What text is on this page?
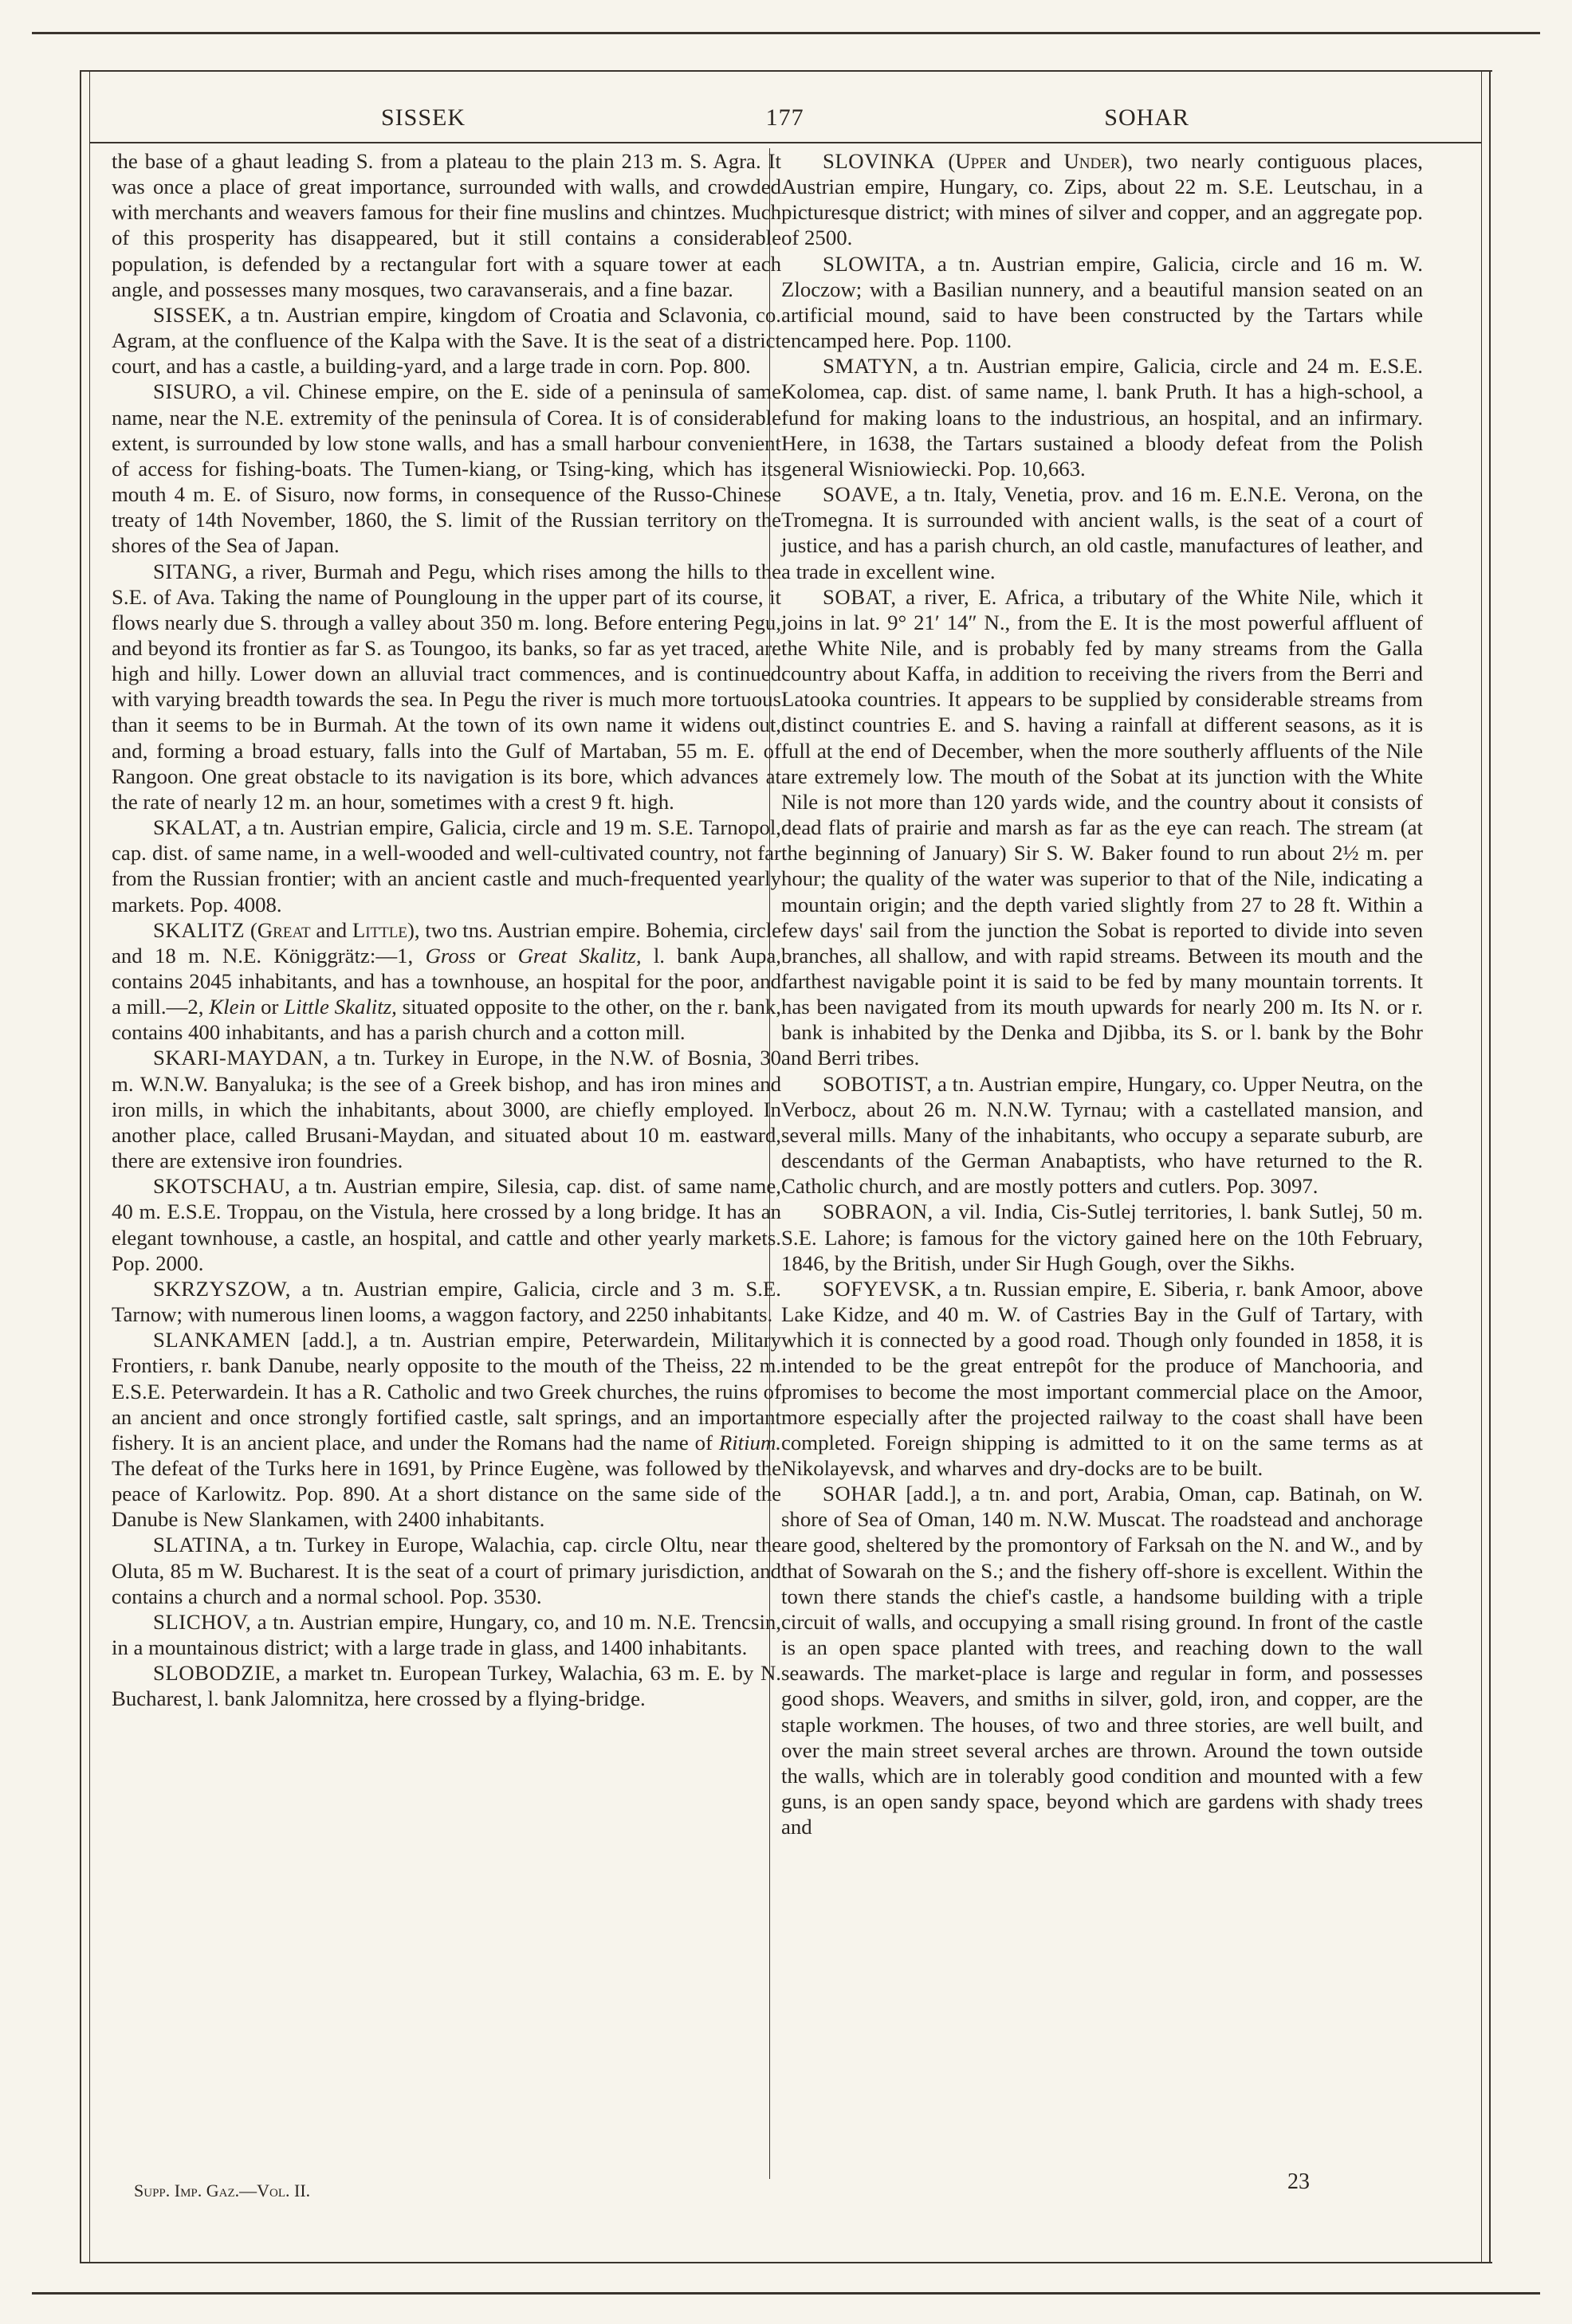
SISSEK	177	SOHAR

the base of a ghaut leading S. from a plateau to the plain 213 m. S. Agra. It was once a place of great importance, surrounded with walls, and crowded with merchants and weavers famous for their fine muslins and chintzes. Much of this prosperity has disappeared, but it still contains a considerable population, is defended by a rectangular fort with a square tower at each angle, and possesses many mosques, two caravanserais, and a fine bazar.

SISSEK, a tn. Austrian empire, kingdom of Croatia and Sclavonia, co. Agram, at the confluence of the Kalpa with the Save. It is the seat of a district court, and has a castle, a building-yard, and a large trade in corn. Pop. 800.

SISURO, a vil. Chinese empire, on the E. side of a peninsula of same name, near the N.E. extremity of the peninsula of Corea. It is of considerable extent, is surrounded by low stone walls, and has a small harbour convenient of access for fishing-boats. The Tumen-kiang, or Tsing-king, which has its mouth 4 m. E. of Sisuro, now forms, in consequence of the Russo-Chinese treaty of 14th November, 1860, the S. limit of the Russian territory on the shores of the Sea of Japan.

SITANG, a river, Burmah and Pegu, which rises among the hills to the S.E. of Ava. Taking the name of Poungloung in the upper part of its course, it flows nearly due S. through a valley about 350 m. long. Before entering Pegu, and beyond its frontier as far S. as Toungoo, its banks, so far as yet traced, are high and hilly. Lower down an alluvial tract commences, and is continued with varying breadth towards the sea. In Pegu the river is much more tortuous than it seems to be in Burmah. At the town of its own name it widens out, and, forming a broad estuary, falls into the Gulf of Martaban, 55 m. E. of Rangoon. One great obstacle to its navigation is its bore, which advances at the rate of nearly 12 m. an hour, sometimes with a crest 9 ft. high.

SKALAT, a tn. Austrian empire, Galicia, circle and 19 m. S.E. Tarnopol, cap. dist. of same name, in a well-wooded and well-cultivated country, not far from the Russian frontier; with an ancient castle and much-frequented yearly markets. Pop. 4008.

SKALITZ (Great and Little), two tns. Austrian empire. Bohemia, circle and 18 m. N.E. Königgrätz:—1, Gross or Great Skalitz, l. bank Aupa, contains 2045 inhabitants, and has a townhouse, an hospital for the poor, and a mill.—2, Klein or Little Skalitz, situated opposite to the other, on the r. bank, contains 400 inhabitants, and has a parish church and a cotton mill.

SKARI-MAYDAN, a tn. Turkey in Europe, in the N.W. of Bosnia, 30 m. W.N.W. Banyaluka; is the see of a Greek bishop, and has iron mines and iron mills, in which the inhabitants, about 3000, are chiefly employed. In another place, called Brusani-Maydan, and situated about 10 m. eastward, there are extensive iron foundries.

SKOTSCHAU, a tn. Austrian empire, Silesia, cap. dist. of same name, 40 m. E.S.E. Troppau, on the Vistula, here crossed by a long bridge. It has an elegant townhouse, a castle, an hospital, and cattle and other yearly markets. Pop. 2000.

SKRZYSZOW, a tn. Austrian empire, Galicia, circle and 3 m. S.E. Tarnow; with numerous linen looms, a waggon factory, and 2250 inhabitants.

SLANKAMEN [add.], a tn. Austrian empire, Peterwardein, Military Frontiers, r. bank Danube, nearly opposite to the mouth of the Theiss, 22 m. E.S.E. Peterwardein. It has a R. Catholic and two Greek churches, the ruins of an ancient and once strongly fortified castle, salt springs, and an important fishery. It is an ancient place, and under the Romans had the name of Ritium. The defeat of the Turks here in 1691, by Prince Eugène, was followed by the peace of Karlowitz. Pop. 890. At a short distance on the same side of the Danube is New Slankamen, with 2400 inhabitants.

SLATINA, a tn. Turkey in Europe, Walachia, cap. circle Oltu, near the Oluta, 85 m W. Bucharest. It is the seat of a court of primary jurisdiction, and contains a church and a normal school. Pop. 3530.

SLICHOV, a tn. Austrian empire, Hungary, co, and 10 m. N.E. Trencsin, in a mountainous district; with a large trade in glass, and 1400 inhabitants.

SLOBODZIE, a market tn. European Turkey, Walachia, 63 m. E. by N. Bucharest, l. bank Jalomnitza, here crossed by a flying-bridge.

SLOVINKA (Upper and Under), two nearly contiguous places, Austrian empire, Hungary, co. Zips, about 22 m. S.E. Leutschau, in a picturesque district; with mines of silver and copper, and an aggregate pop. of 2500.

SLOWITA, a tn. Austrian empire, Galicia, circle and 16 m. W. Zloczow; with a Basilian nunnery, and a beautiful mansion seated on an artificial mound, said to have been constructed by the Tartars while encamped here. Pop. 1100.

SMATYN, a tn. Austrian empire, Galicia, circle and 24 m. E.S.E. Kolomea, cap. dist. of same name, l. bank Pruth. It has a high-school, a fund for making loans to the industrious, an hospital, and an infirmary. Here, in 1638, the Tartars sustained a bloody defeat from the Polish general Wisniowiecki. Pop. 10,663.

SOAVE, a tn. Italy, Venetia, prov. and 16 m. E.N.E. Verona, on the Tromegna. It is surrounded with ancient walls, is the seat of a court of justice, and has a parish church, an old castle, manufactures of leather, and a trade in excellent wine.

SOBAT, a river, E. Africa, a tributary of the White Nile, which it joins in lat. 9° 21′ 14″ N., from the E. It is the most powerful affluent of the White Nile, and is probably fed by many streams from the Galla country about Kaffa, in addition to receiving the rivers from the Berri and Latooka countries. It appears to be supplied by considerable streams from distinct countries E. and S. having a rainfall at different seasons, as it is full at the end of December, when the more southerly affluents of the Nile are extremely low. The mouth of the Sobat at its junction with the White Nile is not more than 120 yards wide, and the country about it consists of dead flats of prairie and marsh as far as the eye can reach. The stream (at the beginning of January) Sir S. W. Baker found to run about 2½ m. per hour; the quality of the water was superior to that of the Nile, indicating a mountain origin; and the depth varied slightly from 27 to 28 ft. Within a few days' sail from the junction the Sobat is reported to divide into seven branches, all shallow, and with rapid streams. Between its mouth and the farthest navigable point it is said to be fed by many mountain torrents. It has been navigated from its mouth upwards for nearly 200 m. Its N. or r. bank is inhabited by the Denka and Djibba, its S. or l. bank by the Bohr and Berri tribes.

SOBOTIST, a tn. Austrian empire, Hungary, co. Upper Neutra, on the Verbocz, about 26 m. N.N.W. Tyrnau; with a castellated mansion, and several mills. Many of the inhabitants, who occupy a separate suburb, are descendants of the German Anabaptists, who have returned to the R. Catholic church, and are mostly potters and cutlers. Pop. 3097.

SOBRAON, a vil. India, Cis-Sutlej territories, l. bank Sutlej, 50 m. S.E. Lahore; is famous for the victory gained here on the 10th February, 1846, by the British, under Sir Hugh Gough, over the Sikhs.

SOFYEVSK, a tn. Russian empire, E. Siberia, r. bank Amoor, above Lake Kidze, and 40 m. W. of Castries Bay in the Gulf of Tartary, with which it is connected by a good road. Though only founded in 1858, it is intended to be the great entrepôt for the produce of Manchooria, and promises to become the most important commercial place on the Amoor, more especially after the projected railway to the coast shall have been completed. Foreign shipping is admitted to it on the same terms as at Nikolayevsk, and wharves and dry-docks are to be built.

SOHAR [add.], a tn. and port, Arabia, Oman, cap. Batinah, on W. shore of Sea of Oman, 140 m. N.W. Muscat. The roadstead and anchorage are good, sheltered by the promontory of Farksah on the N. and W., and by that of Sowarah on the S.; and the fishery off-shore is excellent. Within the town there stands the chief's castle, a handsome building with a triple circuit of walls, and occupying a small rising ground. In front of the castle is an open space planted with trees, and reaching down to the wall seawards. The market-place is large and regular in form, and possesses good shops. Weavers, and smiths in silver, gold, iron, and copper, are the staple workmen. The houses, of two and three stories, are well built, and over the main street several arches are thrown. Around the town outside the walls, which are in tolerably good condition and mounted with a few guns, is an open sandy space, beyond which are gardens with shady trees and

Supp. Imp. Gaz.—Vol. II.	23
